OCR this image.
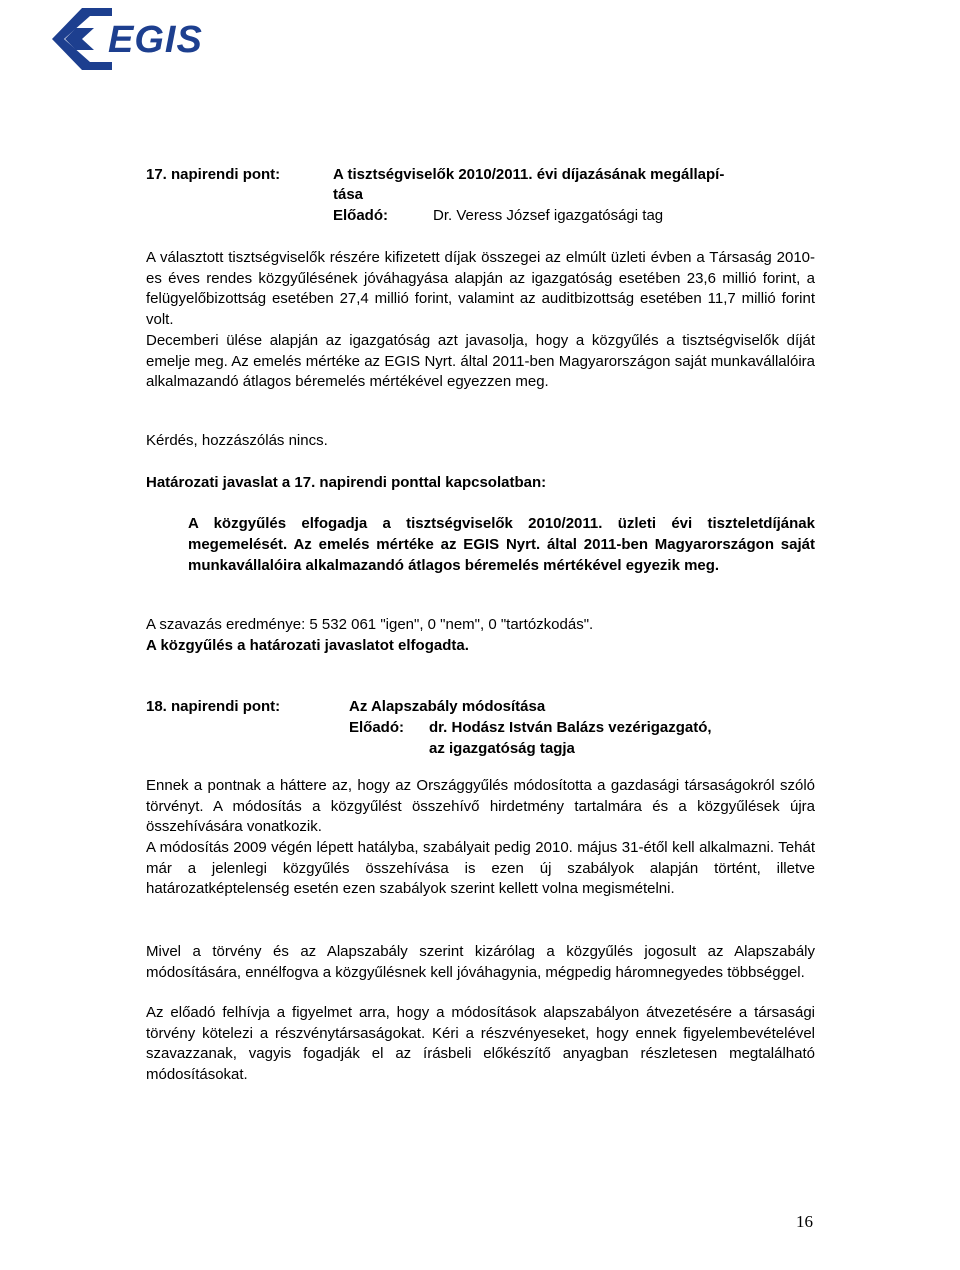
EGIS
17. napirendi pont:	A tisztségviselők 2010/2011. évi díjazásának megállapí-
tása
Előadó:	Dr. Veress József igazgatósági tag
A választott tisztségviselők részére kifizetett díjak összegei az elmúlt üzleti évben a Társaság 2010-es éves rendes közgyűlésének jóváhagyása alapján az igazgatóság esetében 23,6 millió forint, a felügyelőbizottság esetében 27,4 millió forint, valamint az auditbizottság esetében 11,7 millió forint volt.
Decemberi ülése alapján az igazgatóság azt javasolja, hogy a közgyűlés a tisztségviselők díját emelje meg. Az emelés mértéke az EGIS Nyrt. által 2011-ben Magyarországon saját munkavállalóira alkalmazandó átlagos béremelés mértékével egyezzen meg.
Kérdés, hozzászólás nincs.
Határozati javaslat a 17. napirendi ponttal kapcsolatban:
A közgyűlés elfogadja a tisztségviselők 2010/2011. üzleti évi tiszteletdíjának megemelését. Az emelés mértéke az EGIS Nyrt. által 2011-ben Magyarországon saját munkavállalóira alkalmazandó átlagos béremelés mértékével egyezik meg.
A szavazás eredménye: 5 532 061 "igen", 0 "nem", 0 "tartózkodás".
A közgyűlés a határozati javaslatot elfogadta.
18. napirendi pont:	Az Alapszabály módosítása
Előadó: dr. Hodász István Balázs vezérigazgató,
az igazgatóság tagja
Ennek a pontnak a háttere az, hogy az Országgyűlés módosította a gazdasági társaságokról szóló törvényt. A módosítás a közgyűlést összehívő hirdetmény tartalmára és a közgyűlések újra összehívására vonatkozik.
A módosítás 2009 végén lépett hatályba, szabályait pedig 2010. május 31-étől kell alkalmazni. Tehát már a jelenlegi közgyűlés összehívása is ezen új szabályok alapján történt, illetve határozatképtelenség esetén ezen szabályok szerint kellett volna megismételni.
Mivel a törvény és az Alapszabály szerint kizárólag a közgyűlés jogosult az Alapszabály módosítására, ennélfogva a közgyűlésnek kell jóváhagynia, mégpedig háromnegyedes többséggel.
Az előadó felhívja a figyelmet arra, hogy a módosítások alapszabályon átvezetésére a társasági törvény kötelezi a részvénytársaságokat. Kéri a részvényeseket, hogy ennek figyelembevételével szavazzanak, vagyis fogadják el az írásbeli előkészítő anyagban részletesen megtalálható módosításokat.
16
